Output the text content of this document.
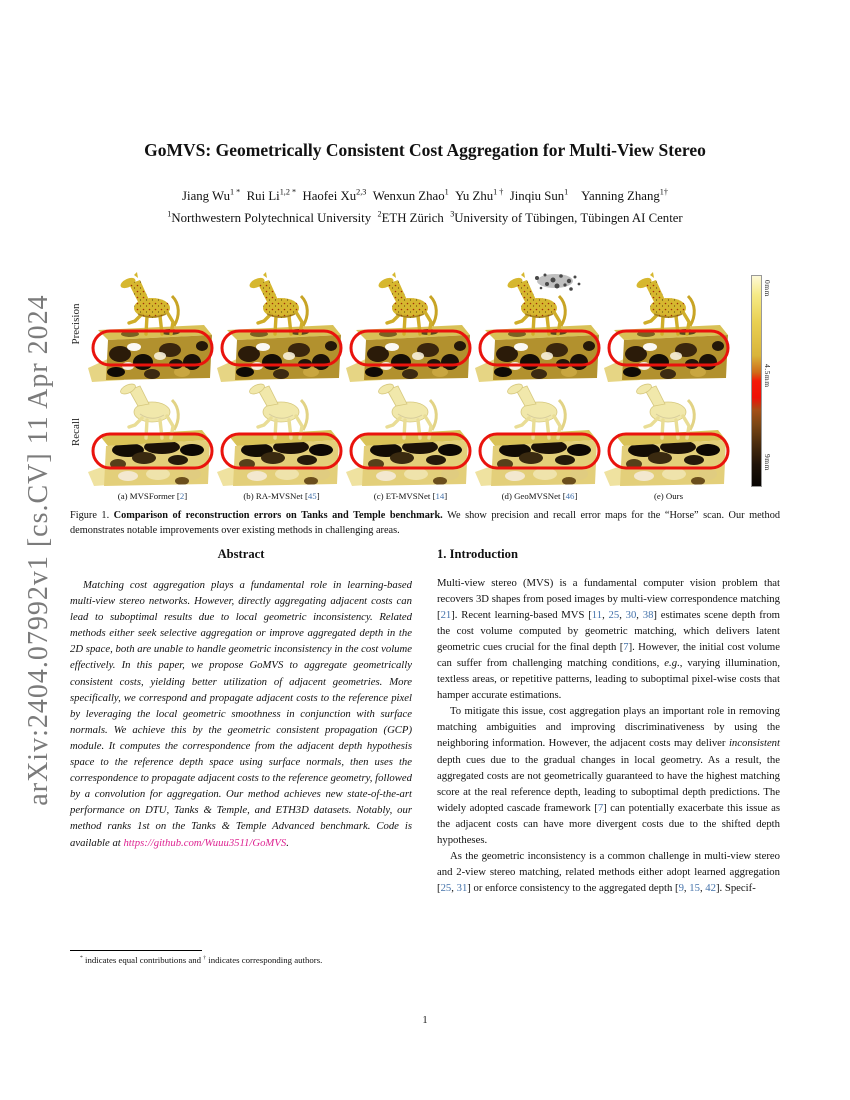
arXiv:2404.07992v1 [cs.CV] 11 Apr 2024
GoMVS: Geometrically Consistent Cost Aggregation for Multi-View Stereo
Jiang $Wu^{1 *}$ Rui $Li^{1,2 *}$ Haofei Xu$^{2,3}$ Wenxun Zhao$^1$ Yu Zhu$^{1 \dagger}$ Jinqiu Sun$^1$  Yanning Zhang$^{1\dagger}$
$^1$Northwestern Polytechnical University $^2$ETH Zürich $^3$University of Tübingen, Tübingen AI Center
Precision
Recall
0mm
4.5mm
9mm
(a) MVSFormer [2]	(b) RA-MVSNet [45]	(c) ET-MVSNet [14]	(d) GeoMVSNet [46]	(e) Ours
Figure 1. Comparison of reconstruction errors on Tanks and Temple benchmark. We show precision and recall error maps for the “Horse” scan. Our method demonstrates notable improvements over existing methods in challenging areas.
Abstract

Matching cost aggregation plays a fundamental role in learning-based multi-view stereo networks. However, directly aggregating adjacent costs can lead to suboptimal results due to local geometric inconsistency. Related methods either seek selective aggregation or improve aggregated depth in the 2D space, both are unable to handle geometric inconsistency in the cost volume effectively. In this paper, we propose GoMVS to aggregate geometrically consistent costs, yielding better utilization of adjacent geometries. More specifically, we correspond and propagate adjacent costs to the reference pixel by leveraging the local geometric smoothness in conjunction with surface normals. We achieve this by the geometric consistent propagation (GCP) module. It computes the correspondence from the adjacent depth hypothesis space to the reference depth space using surface normals, then uses the correspondence to propagate adjacent costs to the reference geometry, followed by a convolution for aggregation. Our method achieves new state-of-the-art performance on DTU, Tanks & Temple, and ETH3D datasets. Notably, our method ranks 1st on the Tanks & Temple Advanced benchmark. Code is available at https://github.com/Wuuu3511/GoMVS.

1. Introduction

Multi-view stereo (MVS) is a fundamental computer vision problem that recovers 3D shapes from posed images by multi-view correspondence matching [21]. Recent learning-based MVS [11, 25, 30, 38] estimates scene depth from the cost volume computed by geometric matching, which delivers latent geometric cues crucial for the final depth [7]. However, the initial cost volume can suffer from challenging matching conditions, e.g., varying illumination, textless areas, or repetitive patterns, leading to suboptimal pixel-wise costs that hamper accurate estimations.

To mitigate this issue, cost aggregation plays an important role in removing matching ambiguities and improving discriminativeness by using the neighboring information. However, the adjacent costs may deliver inconsistent depth cues due to the gradual changes in local geometry. As a result, the aggregated costs are not geometrically guaranteed to have the highest matching score at the real reference depth, leading to suboptimal depth predictions. The widely adopted cascade framework [7] can potentially exacerbate this issue as the adjacent costs can have more divergent costs due to the shifted depth hypotheses.

As the geometric inconsistency is a common challenge in multi-view stereo and 2-view stereo matching, related methods either adopt learned aggregation [25, 31] or enforce consistency to the aggregated depth [9, 15, 42]. Specif-

* indicates equal contributions and † indicates corresponding authors.
1
